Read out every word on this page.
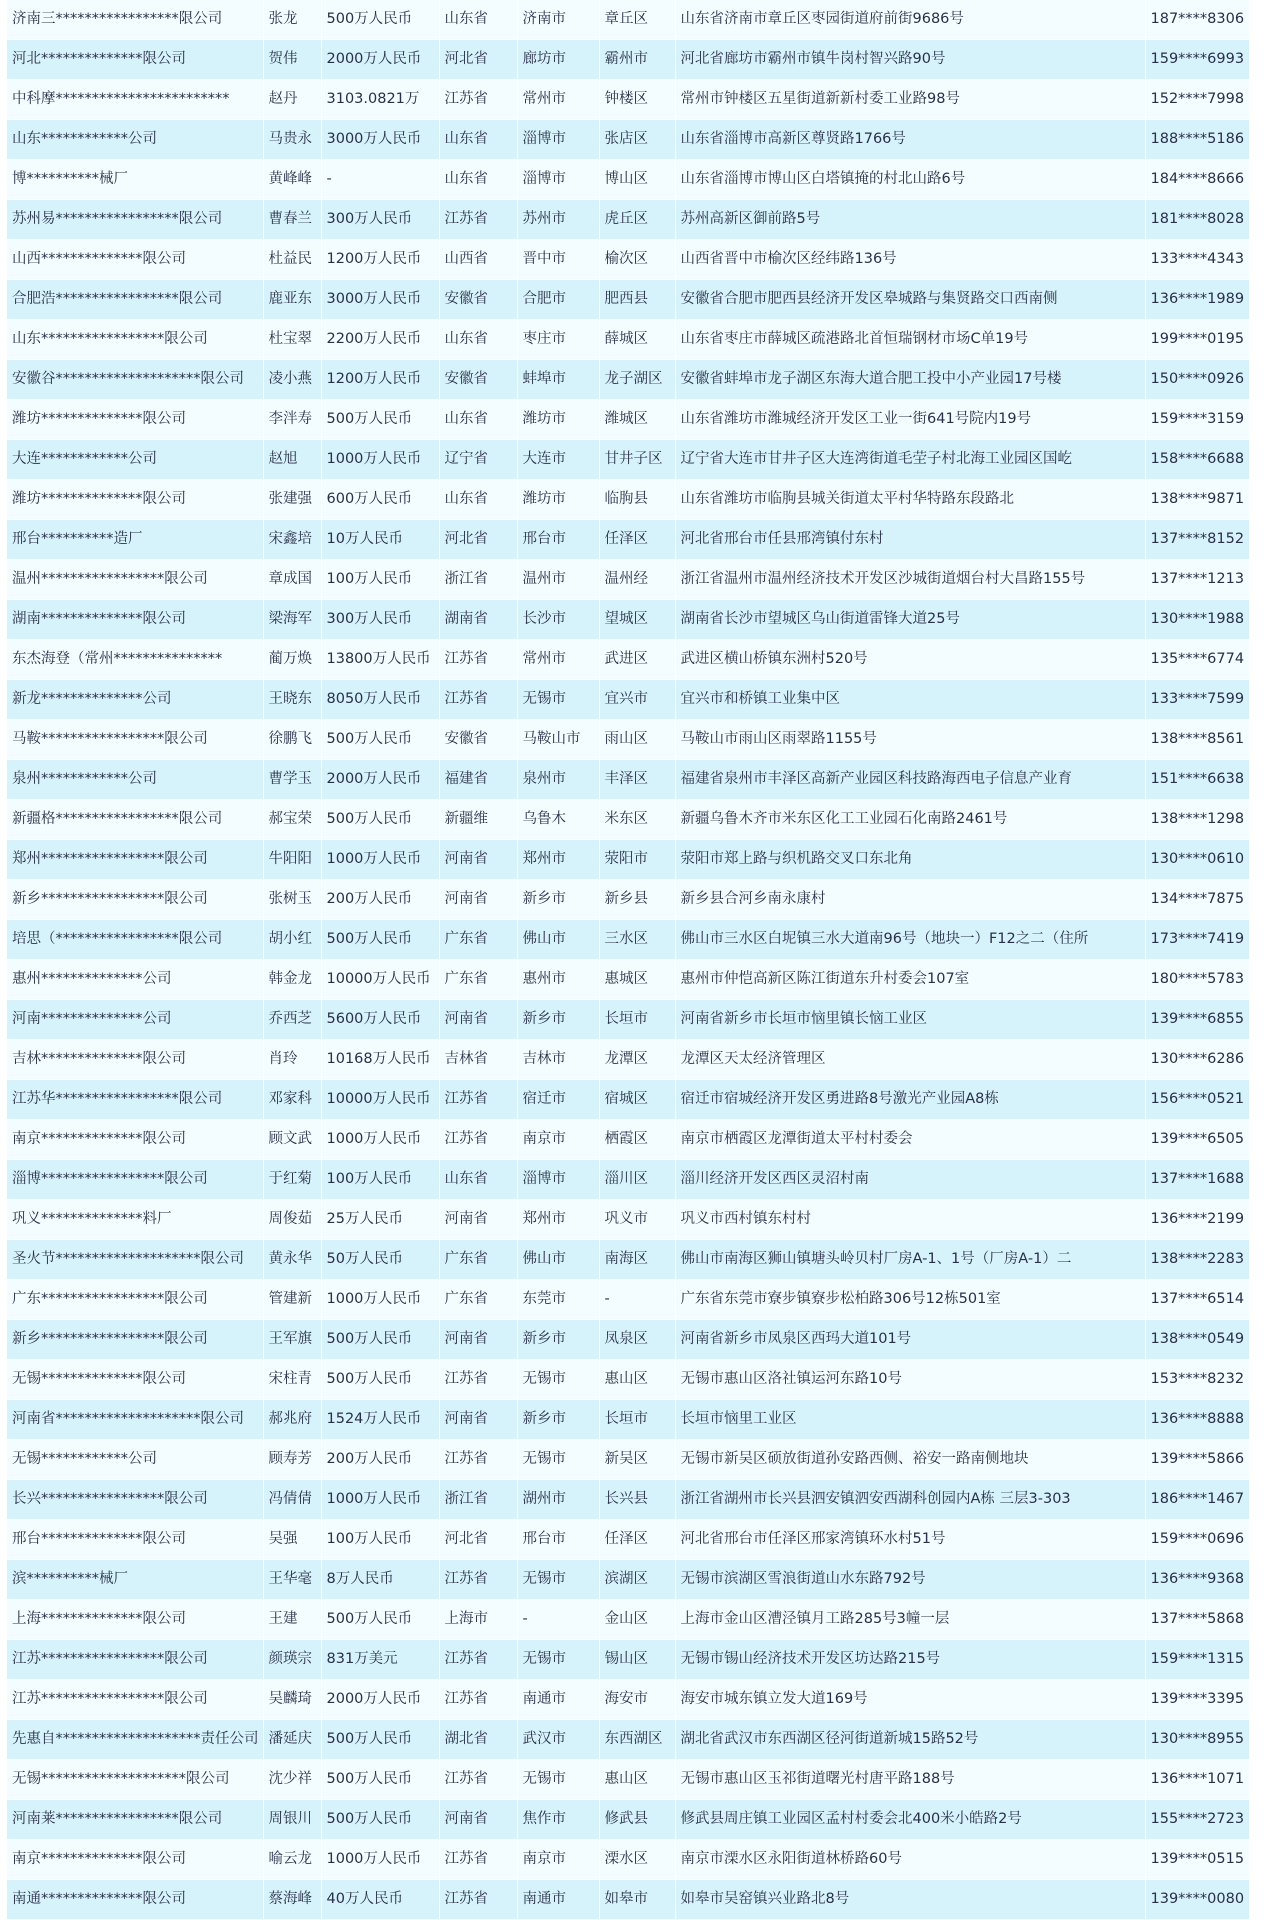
济南三*****************限公司	张龙	500万人民币	山东省	济南市	章丘区	山东省济南市章丘区枣园街道府前街9686号	187****8306
河北**************限公司	贺伟	2000万人民币	河北省	廊坊市	霸州市	河北省廊坊市霸州市镇牛岗村智兴路90号	159****6993
中科摩************************	赵丹	3103.0821万	江苏省	常州市	钟楼区	常州市钟楼区五星街道新新村委工业路98号	152****7998
山东************公司	马贵永	3000万人民币	山东省	淄博市	张店区	山东省淄博市高新区尊贤路1766号	188****5186
博**********械厂	黄峰峰	-	山东省	淄博市	博山区	山东省淄博市博山区白塔镇掩的村北山路6号	184****8666
苏州易*****************限公司	曹春兰	300万人民币	江苏省	苏州市	虎丘区	苏州高新区御前路5号	181****8028
山西**************限公司	杜益民	1200万人民币	山西省	晋中市	榆次区	山西省晋中市榆次区经纬路136号	133****4343
合肥浩*****************限公司	鹿亚东	3000万人民币	安徽省	合肥市	肥西县	安徽省合肥市肥西县经济开发区皋城路与集贤路交口西南侧	136****1989
山东*****************限公司	杜宝翠	2200万人民币	山东省	枣庄市	薛城区	山东省枣庄市薛城区疏港路北首恒瑞钢材市场C单19号	199****0195
安徽谷********************限公司	凌小燕	1200万人民币	安徽省	蚌埠市	龙子湖区	安徽省蚌埠市龙子湖区东海大道合肥工投中小产业园17号楼	150****0926
潍坊**************限公司	李泮寿	500万人民币	山东省	潍坊市	潍城区	山东省潍坊市潍城经济开发区工业一街641号院内19号	159****3159
大连************公司	赵旭	1000万人民币	辽宁省	大连市	甘井子区	辽宁省大连市甘井子区大连湾街道毛茔子村北海工业园区国屹	158****6688
潍坊**************限公司	张建强	600万人民币	山东省	潍坊市	临朐县	山东省潍坊市临朐县城关街道太平村华特路东段路北	138****9871
邢台**********造厂	宋鑫培	10万人民币	河北省	邢台市	任泽区	河北省邢台市任县邢湾镇付东村	137****8152
温州*****************限公司	章成国	100万人民币	浙江省	温州市	温州经	浙江省温州市温州经济技术开发区沙城街道烟台村大昌路155号	137****1213
湖南**************限公司	梁海军	300万人民币	湖南省	长沙市	望城区	湖南省长沙市望城区乌山街道雷锋大道25号	130****1988
东杰海登（常州***************	蔺万焕	13800万人民币	江苏省	常州市	武进区	武进区横山桥镇东洲村520号	135****6774
新龙**************公司	王晓东	8050万人民币	江苏省	无锡市	宜兴市	宜兴市和桥镇工业集中区	133****7599
马鞍*****************限公司	徐鹏飞	500万人民币	安徽省	马鞍山市	雨山区	马鞍山市雨山区雨翠路1155号	138****8561
泉州************公司	曹学玉	2000万人民币	福建省	泉州市	丰泽区	福建省泉州市丰泽区高新产业园区科技路海西电子信息产业育	151****6638
新疆格*****************限公司	郝宝荣	500万人民币	新疆维	乌鲁木	米东区	新疆乌鲁木齐市米东区化工工业园石化南路2461号	138****1298
郑州*****************限公司	牛阳阳	1000万人民币	河南省	郑州市	荥阳市	荥阳市郑上路与织机路交叉口东北角	130****0610
新乡*****************限公司	张树玉	200万人民币	河南省	新乡市	新乡县	新乡县合河乡南永康村	134****7875
培思（*****************限公司	胡小红	500万人民币	广东省	佛山市	三水区	佛山市三水区白坭镇三水大道南96号（地块一）F12之二（住所	173****7419
惠州**************公司	韩金龙	10000万人民币	广东省	惠州市	惠城区	惠州市仲恺高新区陈江街道东升村委会107室	180****5783
河南**************公司	乔西芝	5600万人民币	河南省	新乡市	长垣市	河南省新乡市长垣市恼里镇长恼工业区	139****6855
吉林**************限公司	肖玲	10168万人民币	吉林省	吉林市	龙潭区	龙潭区天太经济管理区	130****6286
江苏华*****************限公司	邓家科	10000万人民币	江苏省	宿迁市	宿城区	宿迁市宿城经济开发区勇进路8号激光产业园A8栋	156****0521
南京**************限公司	顾文武	1000万人民币	江苏省	南京市	栖霞区	南京市栖霞区龙潭街道太平村村委会	139****6505
淄博*****************限公司	于红菊	100万人民币	山东省	淄博市	淄川区	淄川经济开发区西区灵沼村南	137****1688
巩义**************料厂	周俊茹	25万人民币	河南省	郑州市	巩义市	巩义市西村镇东村村	136****2199
圣火节********************限公司	黄永华	50万人民币	广东省	佛山市	南海区	佛山市南海区狮山镇塘头岭贝村厂房A-1、1号（厂房A-1）二	138****2283
广东*****************限公司	管建新	1000万人民币	广东省	东莞市	-	广东省东莞市寮步镇寮步松柏路306号12栋501室	137****6514
新乡*****************限公司	王军旗	500万人民币	河南省	新乡市	凤泉区	河南省新乡市凤泉区西玛大道101号	138****0549
无锡**************限公司	宋柱青	500万人民币	江苏省	无锡市	惠山区	无锡市惠山区洛社镇运河东路10号	153****8232
河南省********************限公司	郝兆府	1524万人民币	河南省	新乡市	长垣市	长垣市恼里工业区	136****8888
无锡************公司	顾寿芳	200万人民币	江苏省	无锡市	新吴区	无锡市新吴区硕放街道孙安路西侧、裕安一路南侧地块	139****5866
长兴*****************限公司	冯倩倩	1000万人民币	浙江省	湖州市	长兴县	浙江省湖州市长兴县泗安镇泗安西湖科创园内A栋 三层3-303	186****1467
邢台**************限公司	吴强	100万人民币	河北省	邢台市	任泽区	河北省邢台市任泽区邢家湾镇环水村51号	159****0696
滨**********械厂	王华毫	8万人民币	江苏省	无锡市	滨湖区	无锡市滨湖区雪浪街道山水东路792号	136****9368
上海**************限公司	王建	500万人民币	上海市	-	金山区	上海市金山区漕泾镇月工路285号3幢一层	137****5868
江苏*****************限公司	颜瑛宗	831万美元	江苏省	无锡市	锡山区	无锡市锡山经济技术开发区坊达路215号	159****1315
江苏*****************限公司	吴麟琦	2000万人民币	江苏省	南通市	海安市	海安市城东镇立发大道169号	139****3395
先惠自********************责任公司	潘延庆	500万人民币	湖北省	武汉市	东西湖区	湖北省武汉市东西湖区径河街道新城15路52号	130****8955
无锡********************限公司	沈少祥	500万人民币	江苏省	无锡市	惠山区	无锡市惠山区玉祁街道曙光村唐平路188号	136****1071
河南莱*****************限公司	周银川	500万人民币	河南省	焦作市	修武县	修武县周庄镇工业园区孟村村委会北400米小皓路2号	155****2723
南京**************限公司	喻云龙	1000万人民币	江苏省	南京市	溧水区	南京市溧水区永阳街道林桥路60号	139****0515
南通**************限公司	蔡海峰	40万人民币	江苏省	南通市	如皋市	如皋市吴窑镇兴业路北8号	139****0080
